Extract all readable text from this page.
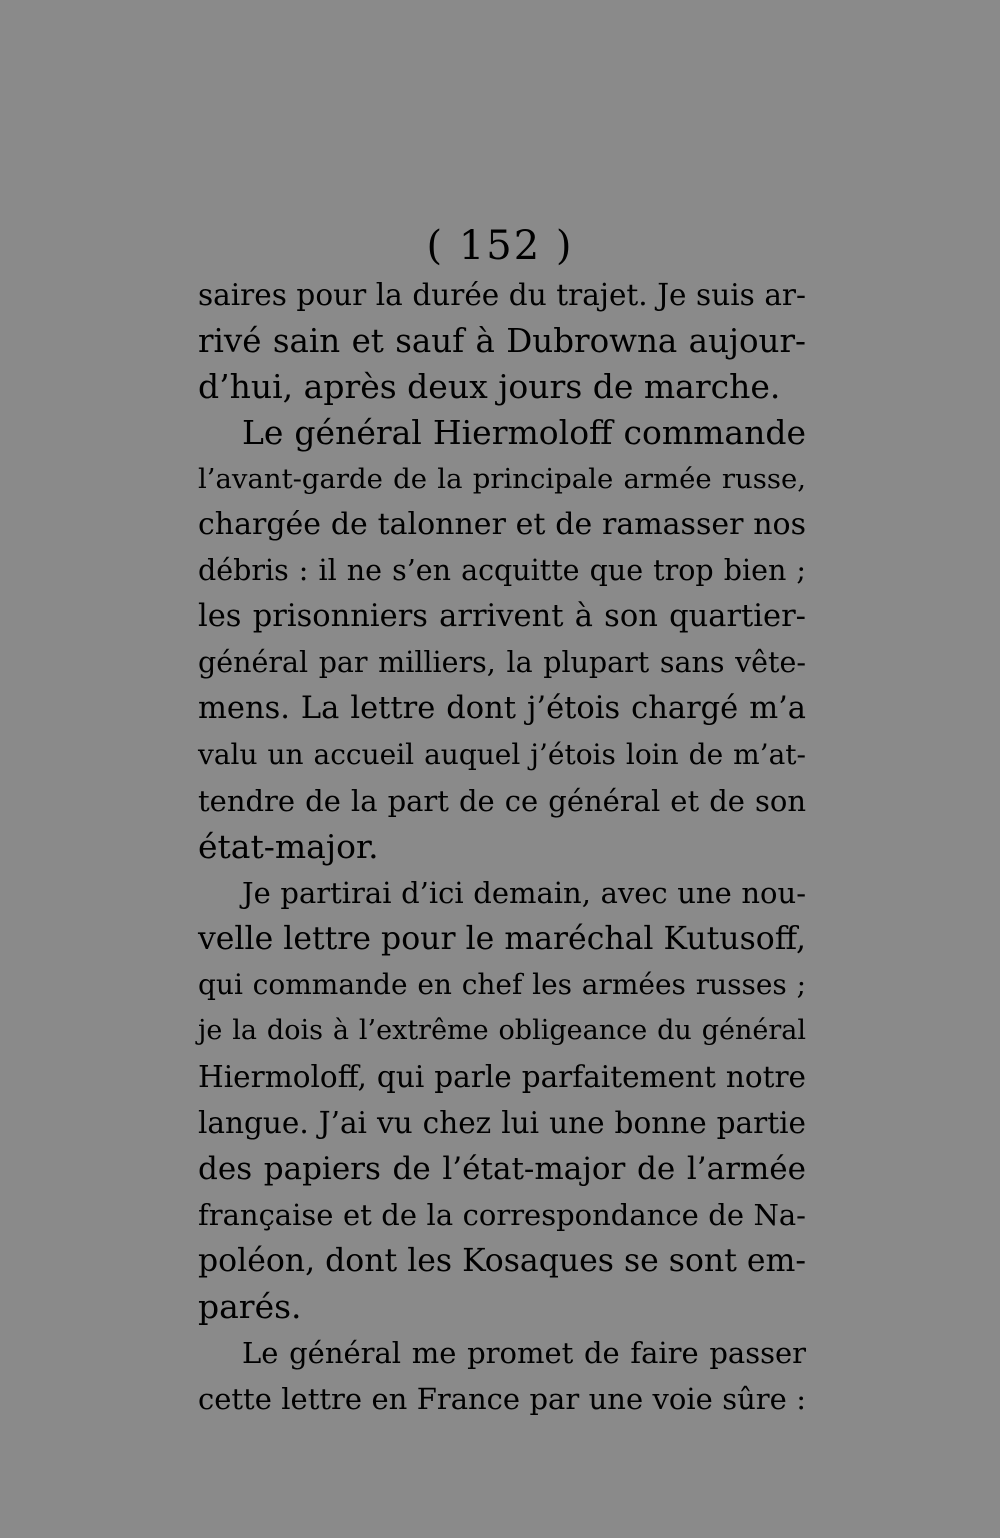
( 152 )
saires pour la durée du trajet. Je suis ar-
rivé sain et sauf à Dubrowna aujour-
d’hui, après deux jours de marche.
Le général Hiermoloff commande
l’avant-garde de la principale armée russe,
chargée de talonner et de ramasser nos
débris : il ne s’en acquitte que trop bien ;
les prisonniers arrivent à son quartier-
général par milliers, la plupart sans vête-
mens. La lettre dont j’étois chargé m’a
valu un accueil auquel j’étois loin de m’at-
tendre de la part de ce général et de son
état-major.
Je partirai d’ici demain, avec une nou-
velle lettre pour le maréchal Kutusoff,
qui commande en chef les armées russes ;
je la dois à l’extrême obligeance du général
Hiermoloff, qui parle parfaitement notre
langue. J’ai vu chez lui une bonne partie
des papiers de l’état-major de l’armée
française et de la correspondance de Na-
poléon, dont les Kosaques se sont em-
parés.
Le général me promet de faire passer
cette lettre en France par une voie sûre :
